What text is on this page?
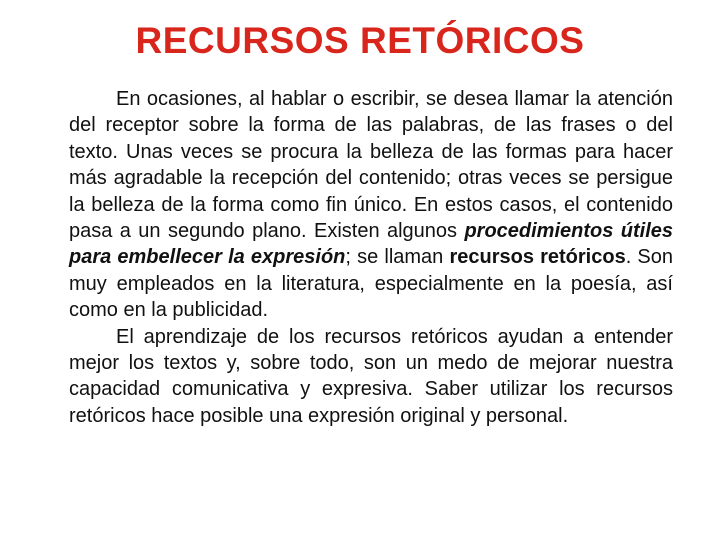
RECURSOS RETÓRICOS

En ocasiones, al hablar o escribir, se desea llamar la atención del receptor sobre la forma de las palabras, de las frases o del texto. Unas veces se procura la belleza de las formas para hacer más agradable la recepción del contenido; otras veces se persigue la belleza de la forma como fin único. En estos casos, el contenido pasa a un segundo plano. Existen algunos procedimientos útiles para embellecer la expresión; se llaman recursos retóricos. Son muy empleados en la literatura, especialmente en la poesía, así como en la publicidad.

El aprendizaje de los recursos retóricos ayudan a entender mejor los textos y, sobre todo, son un medo de mejorar nuestra capacidad comunicativa y expresiva. Saber utilizar los recursos retóricos hace posible una expresión original y personal.
